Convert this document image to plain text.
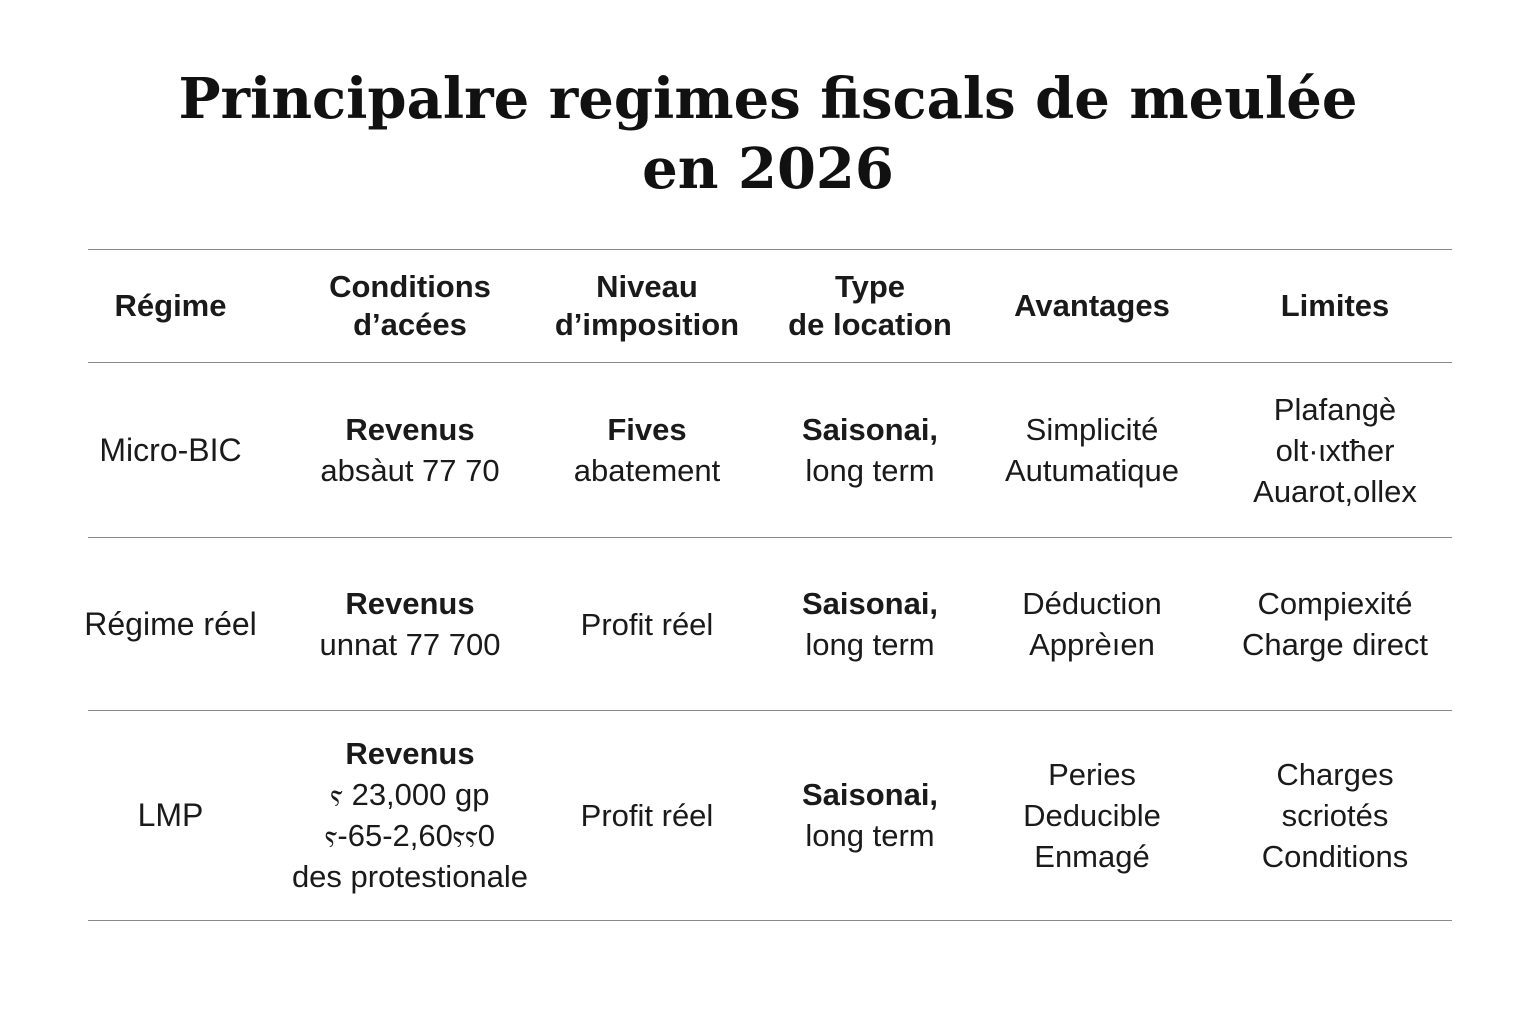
Principalre regimes fiscals de meulée
en 2026
Régime
Conditions
d’acées
Niveau
d’imposition
Type
de location
Avantages	Limites
Micro-BIC
Revenus
absàut 77 70
Fives
abatement
Saisonai,
long term
Simplicité
Autumatique
Plafangè
olt·ιxtħer
Auarot,ollex
Régime réel
Revenus
unnat 77 700
Profit réel
Saisonai,
long term
Déduction
Apprèıen
Compiexité
Charge direct
LMP
Revenus
ⲋ 23,000 gp
ⲋ-65-2,60ⲋⲋ0
des protestionale
Profit réel
Saisonai,
long term
Peries
Deducible
Enmagé
Charges
scriotés
Conditions
